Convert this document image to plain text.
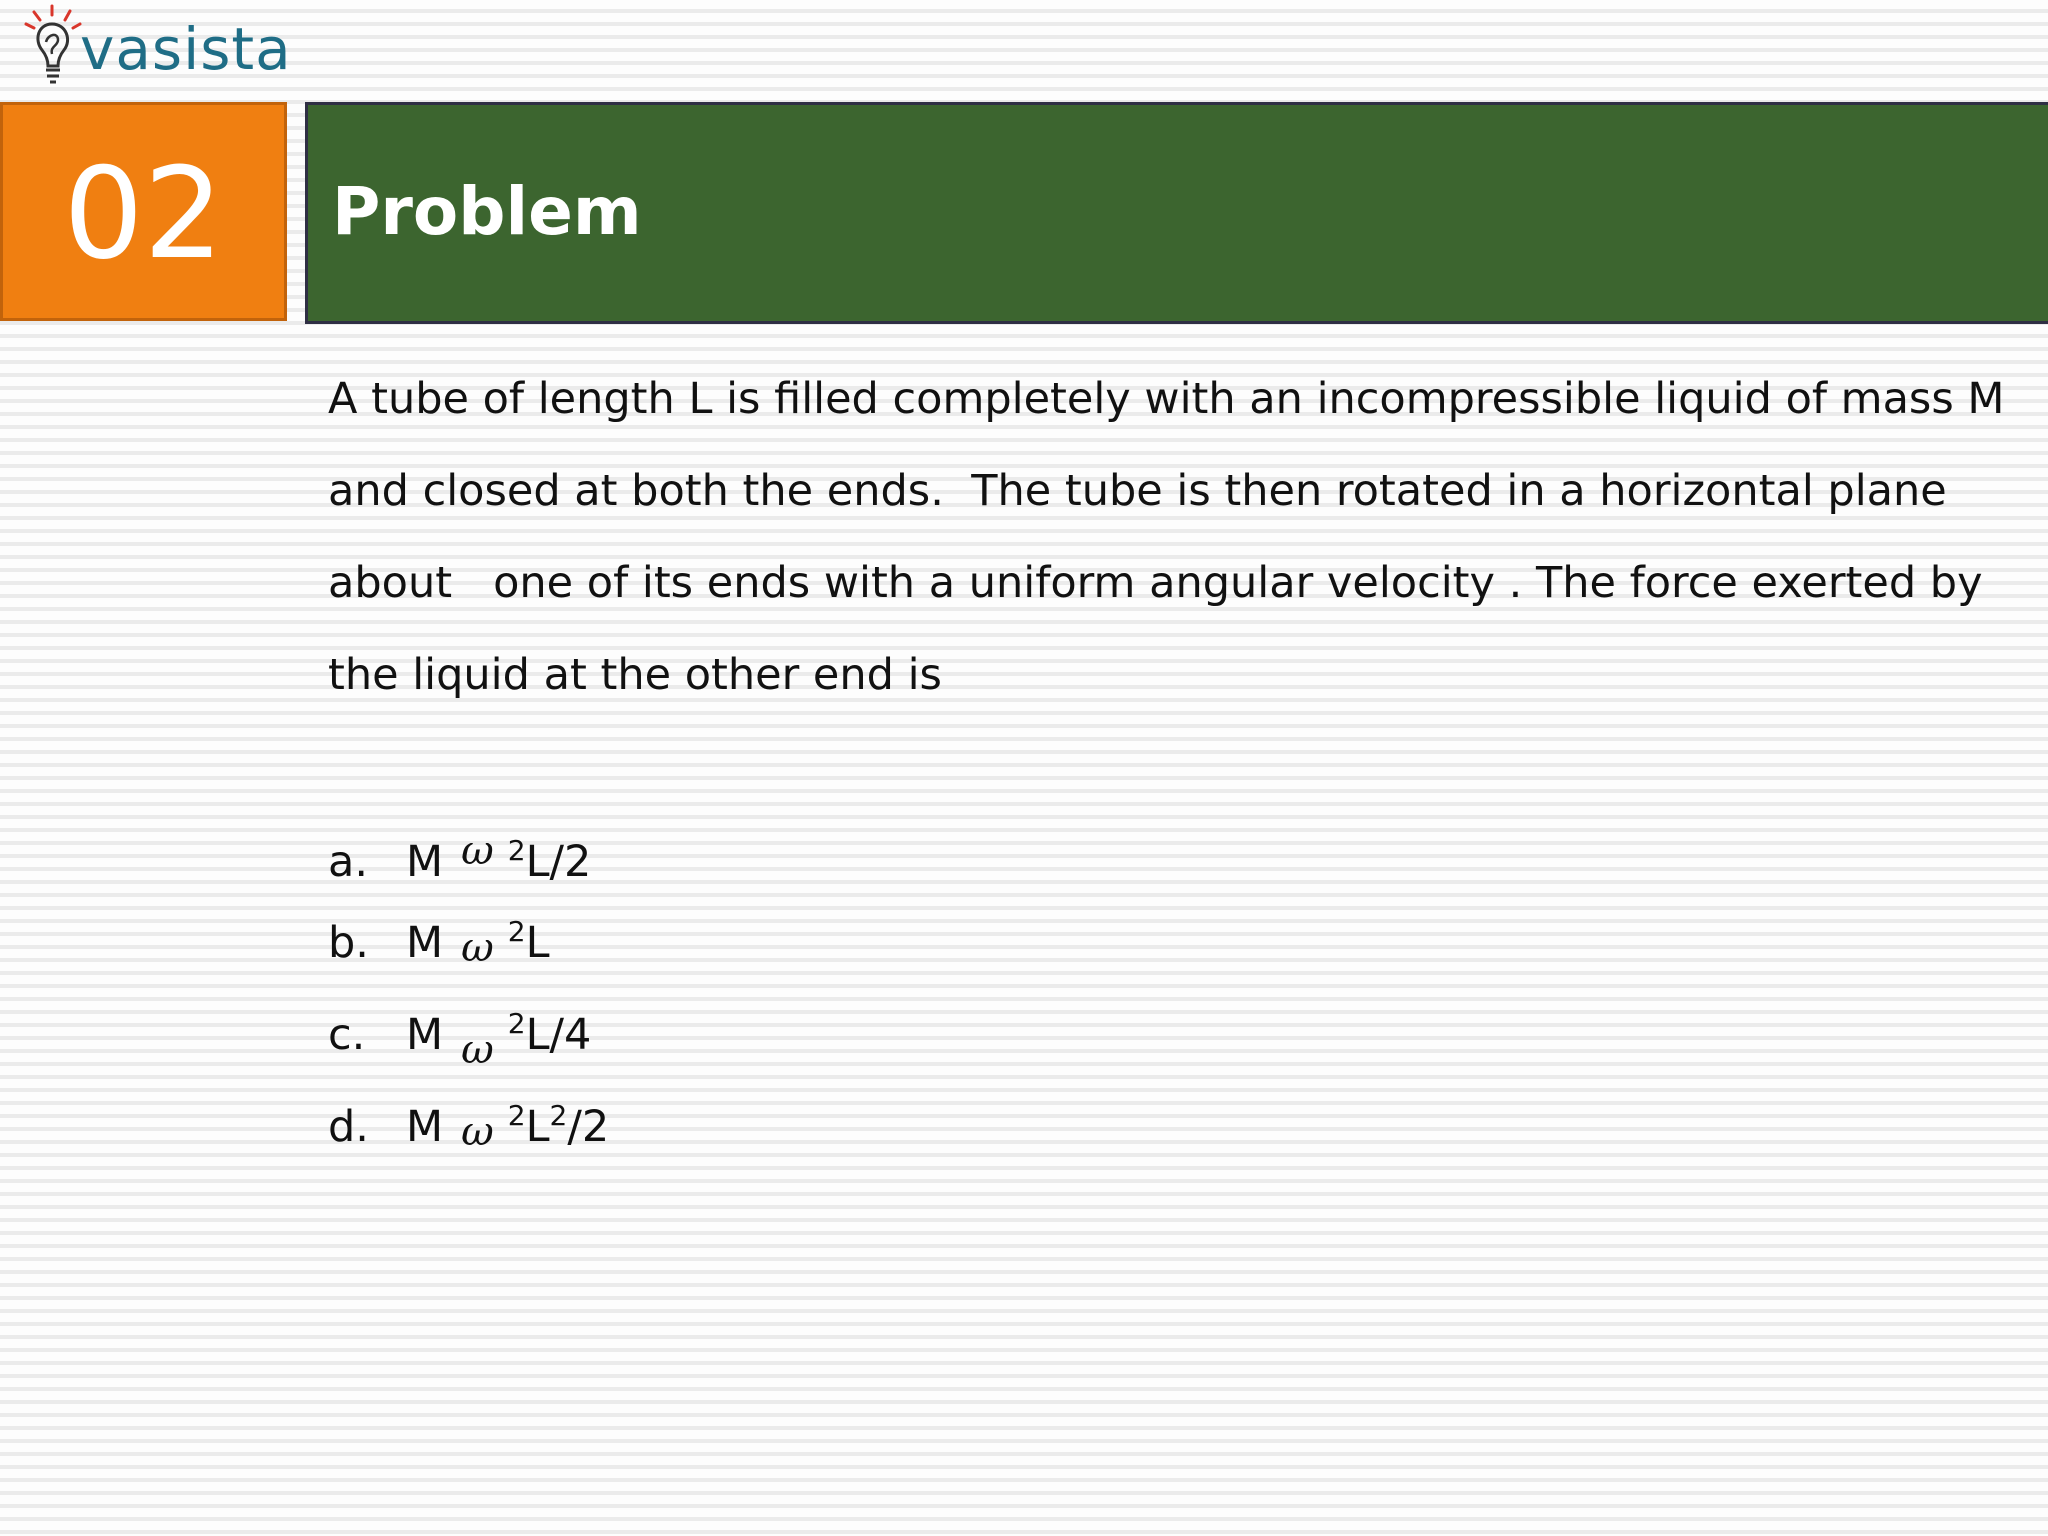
vasista
02 Problem

A tube of length L is filled completely with an incompressible liquid of mass M
and closed at both the ends.  The tube is then rotated in a horizontal plane
about   one of its ends with a uniform angular velocity . The force exerted by
the liquid at the other end is

a. M ω $^2$L/2
b. M ω $^2$L
c. M $\omega^2L/4$
d. M ω $^2L^2/2$
